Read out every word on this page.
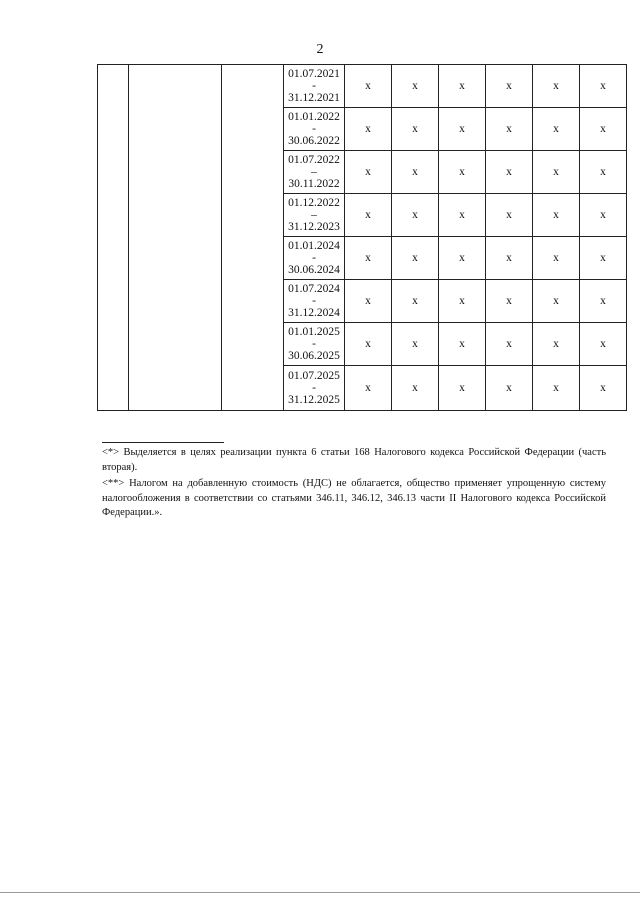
2

			01.07.2021
-
31.12.2021	x	x	x	x	x	x

			01.01.2022
-
30.06.2022	x	x	x	x	x	x

			01.07.2022
–
30.11.2022	x	x	x	x	x	x

			01.12.2022
–
31.12.2023	x	x	x	x	x	x

			01.01.2024
-
30.06.2024	x	x	x	x	x	x

			01.07.2024
-
31.12.2024	x	x	x	x	x	x

			01.01.2025
-
30.06.2025	x	x	x	x	x	x

			01.07.2025
-
31.12.2025	x	x	x	x	x	x

<*> Выделяется в целях реализации пункта 6 статьи 168 Налогового кодекса Российской Федерации (часть вторая).

<**> Налогом на добавленную стоимость (НДС) не облагается, общество применяет упрощенную систему налогообложения в соответствии со статьями 346.11, 346.12, 346.13 части II Налогового кодекса Российской Федерации.».
